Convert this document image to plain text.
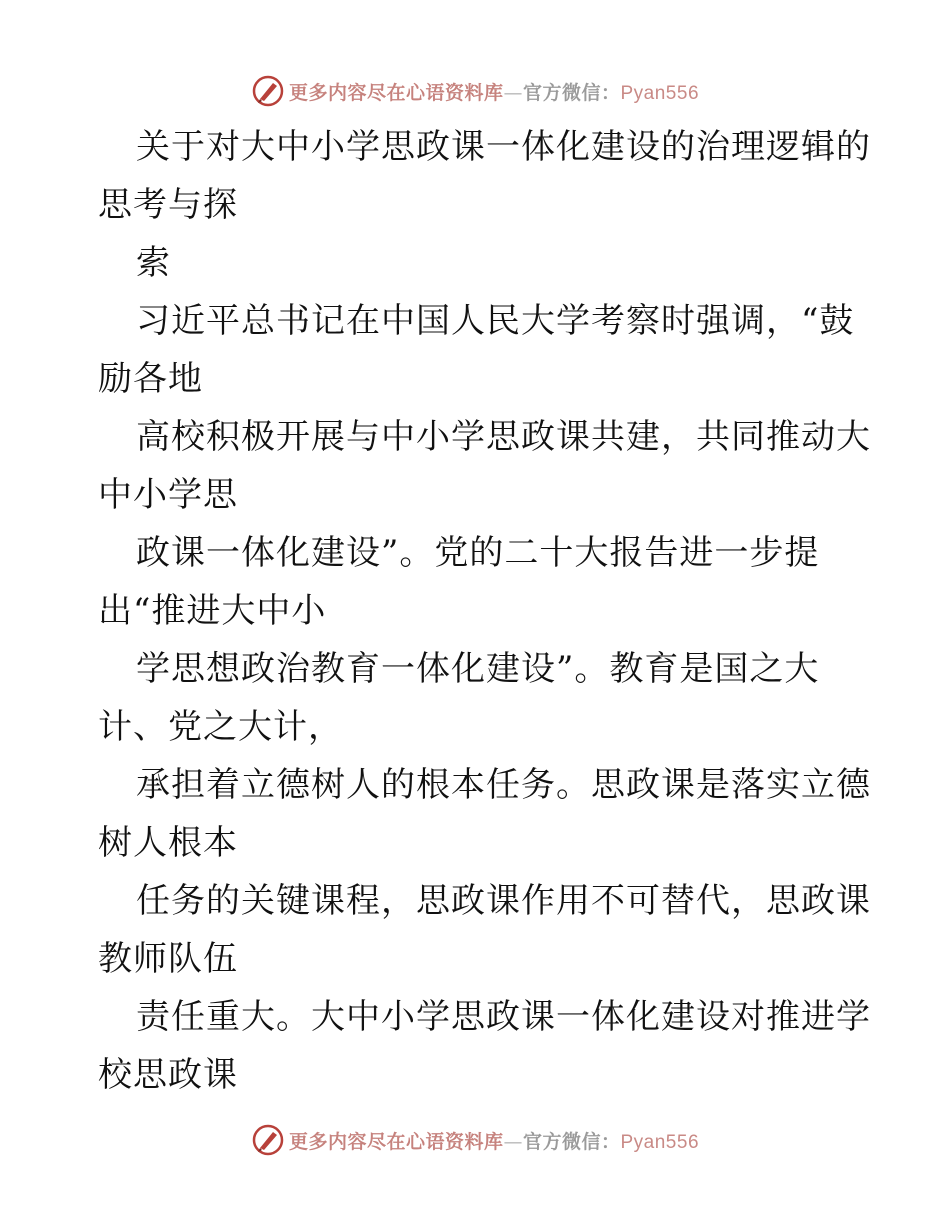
更多内容尽在心语资料库—官方微信：Pyan556
关于对大中小学思政课一体化建设的治理逻辑的
思考与探
索
习近平总书记在中国人民大学考察时强调，“鼓
励各地
高校积极开展与中小学思政课共建，共同推动大
中小学思
政课一体化建设”。党的二十大报告进一步提
出“推进大中小
学思想政治教育一体化建设”。教育是国之大
计、党之大计，
承担着立德树人的根本任务。思政课是落实立德
树人根本
任务的关键课程，思政课作用不可替代，思政课
教师队伍
责任重大。大中小学思政课一体化建设对推进学
校思政课
更多内容尽在心语资料库—官方微信：Pyan556
